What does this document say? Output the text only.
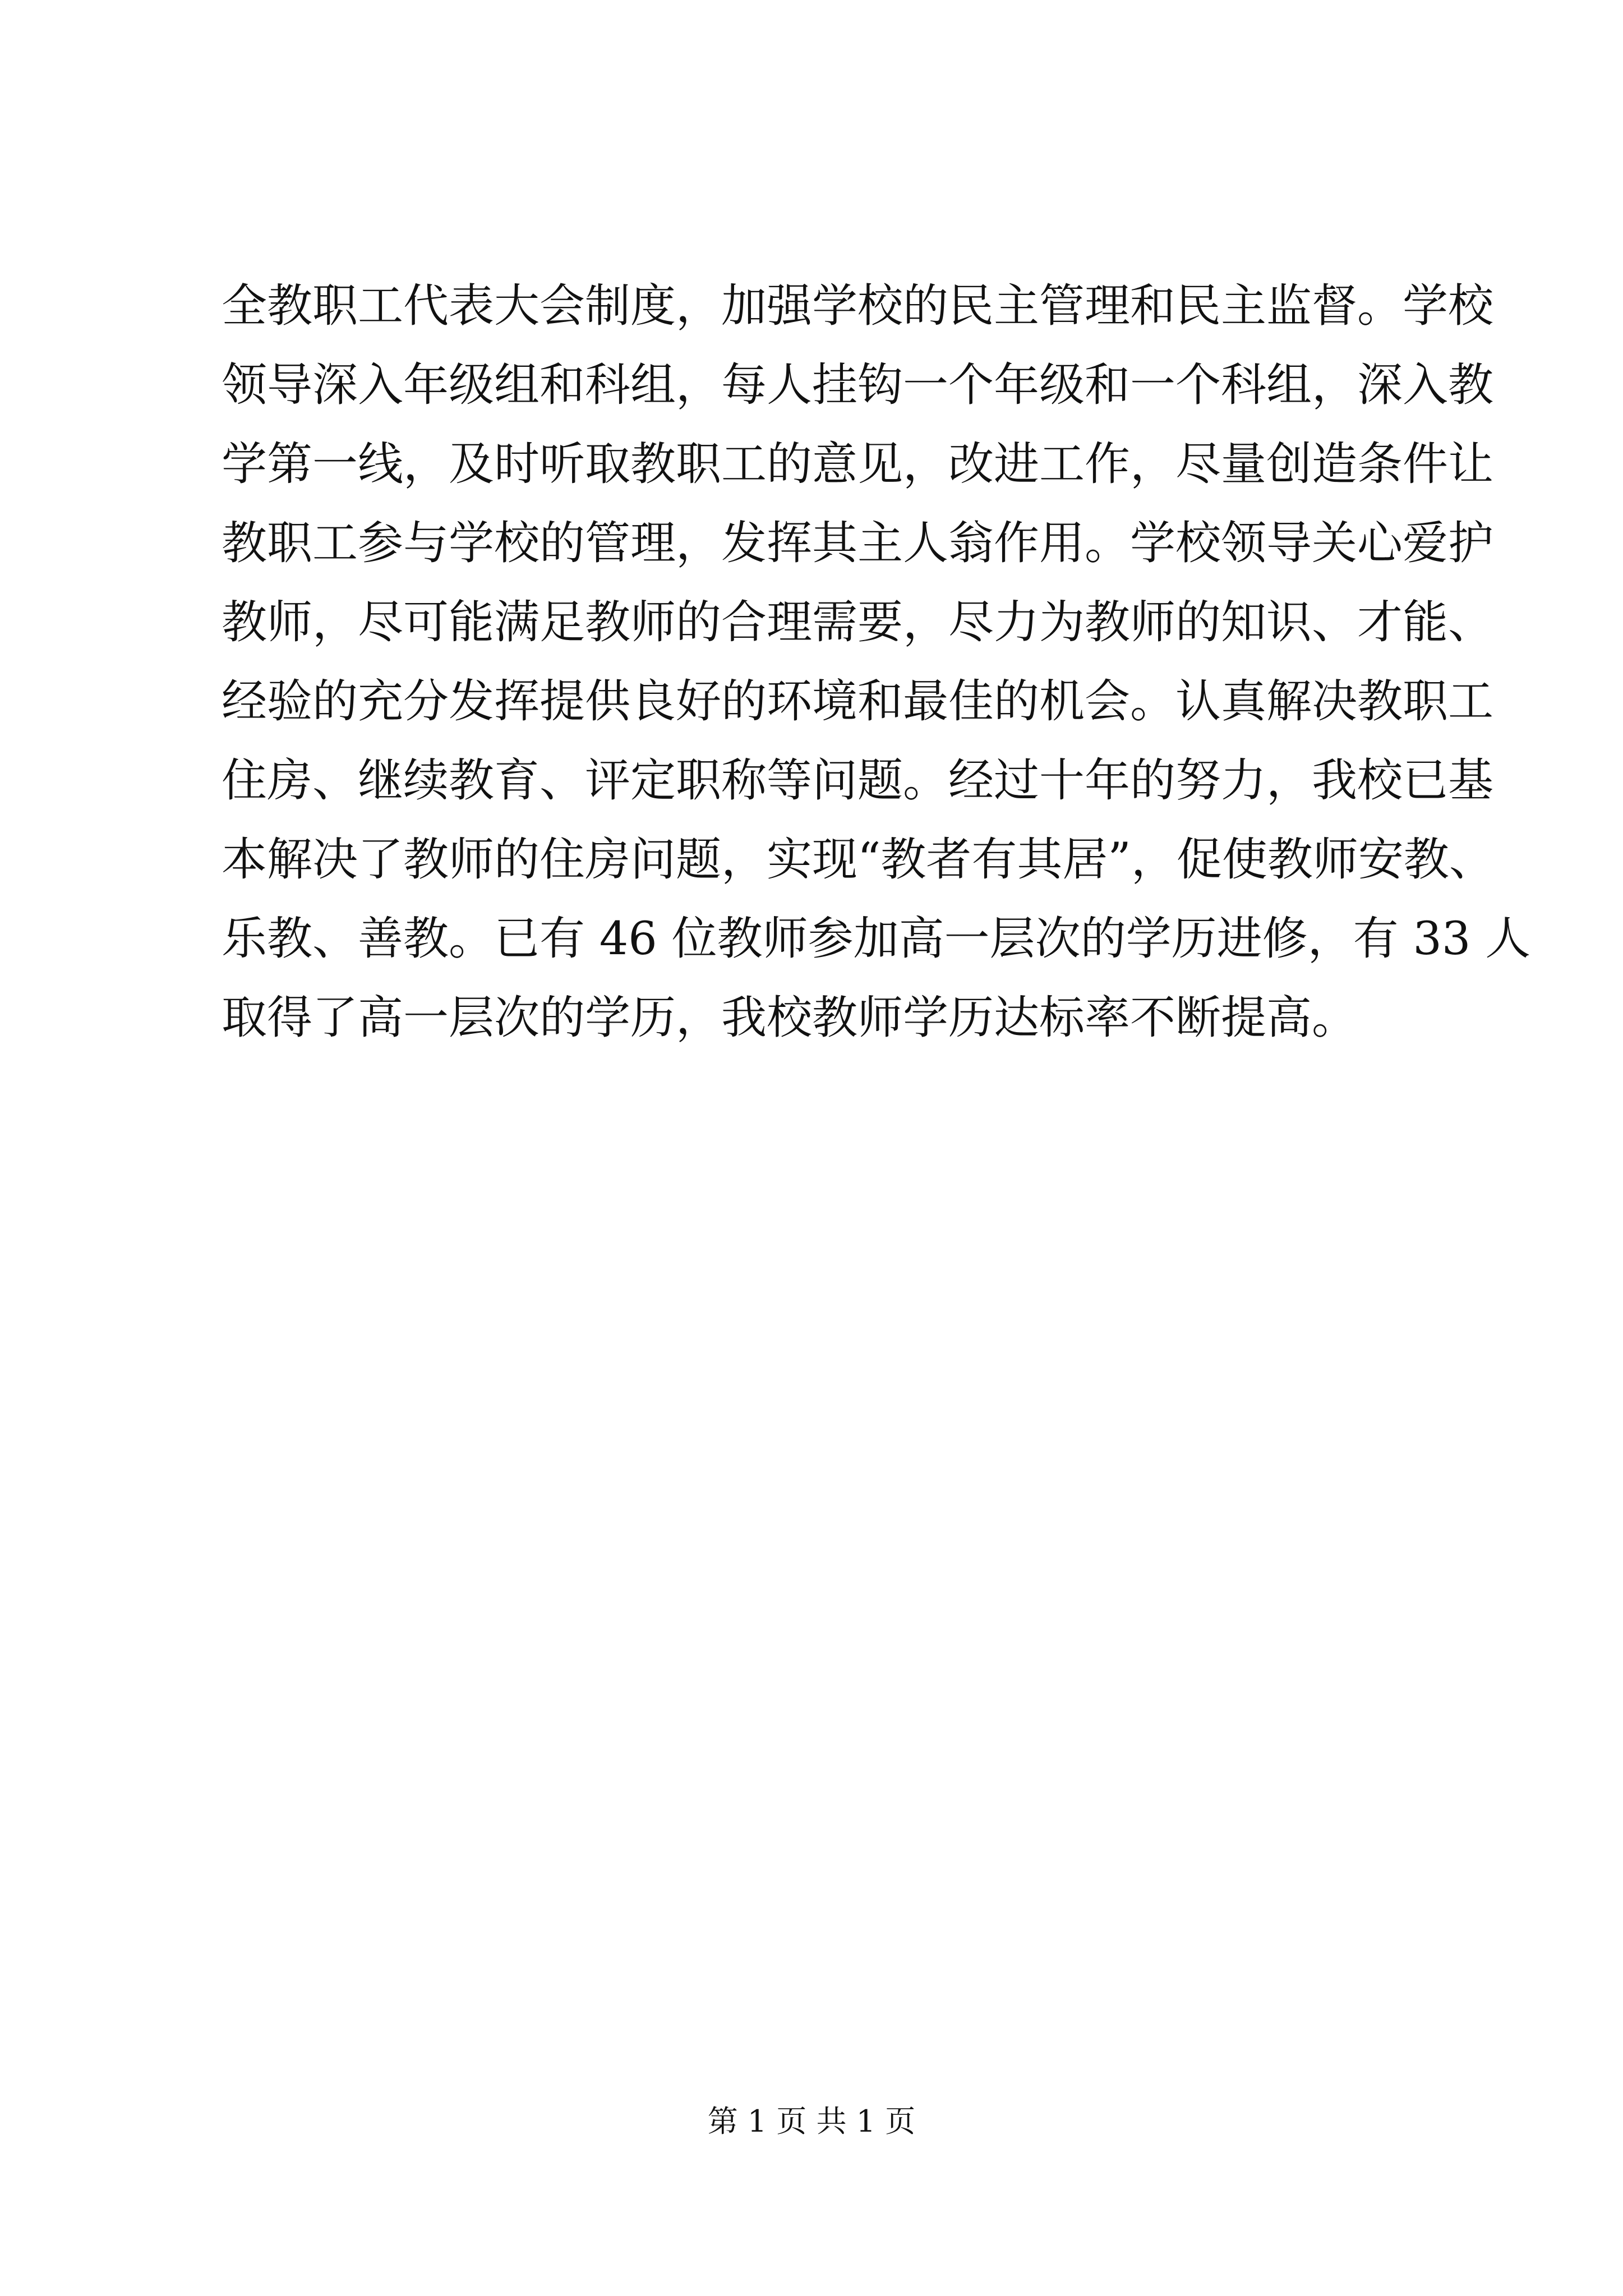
全教职工代表大会制度，加强学校的民主管理和民主监督。学校
领导深入年级组和科组，每人挂钩一个年级和一个科组，深入教
学第一线，及时听取教职工的意见，改进工作，尽量创造条件让
教职工参与学校的管理，发挥其主人翁作用。学校领导关心爱护
教师，尽可能满足教师的合理需要，尽力为教师的知识、才能、
经验的充分发挥提供良好的环境和最佳的机会。认真解决教职工
住房、继续教育、评定职称等问题。经过十年的努力，我校已基
本解决了教师的住房问题，实现“教者有其居”，促使教师安教、
乐教、善教。已有 46 位教师参加高一层次的学历进修，有 33 人
取得了高一层次的学历，我校教师学历达标率不断提高。
第 1 页 共 1 页
